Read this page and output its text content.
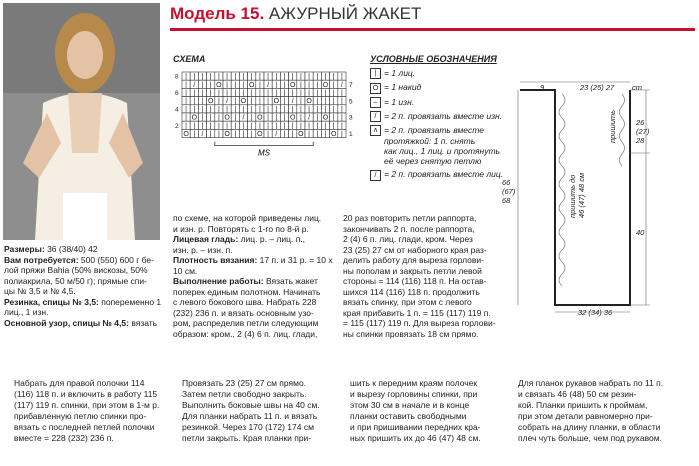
Модель 15. АЖУРНЫЙ ЖАКЕТ
СХЕМА
| | | | | | | | | | | | | | | | | | | |
| / | | O | | | O | / | | O | | | O | /
| | | | | | | | | | | | | | | | | | | |
| | | O | / | O | | | O | / | O | | | |
| | | | | | | | | | | | | | | | | | | |
| O | | | O | / | O | | | O | / | O | |
| | | | | | | | | | | | | | | | | | | |
O | / | | O | | | O | / | | O | | | O |
8
7
6
5
4
3
2
1
MS
УСЛОВНЫЕ ОБОЗНАЧЕНИЯ
| = 1 лиц.
O = 1 накид
– = 1 изн.
/ = 2 п. провязать вместе изн.
∧ = 2 п. провязать вместе
протяжкой: 1 п. снять
как лиц., 1 лиц. и протянуть
её через снятую петлю
/ = 2 п. провязать вместе лиц.
23 (25) 27 cm
9
26
(27)
28
40
66
(67)
68
32 (34) 36
пришить до 46 (47) 48 см
пришить
Размеры: 36 (38/40) 42
Вам потребуется: 500 (550) 600 г бе-
лой пряжи Bahia (50% вискозы, 50%
полиакрила, 50 м/50 г); прямые спи-
цы № 3,5 и № 4,5.
Резинка, спицы № 3,5: попеременно 1
лиц., 1 изн.
Основной узор, спицы № 4,5: вязать
по схеме, на которой приведены лиц.
и изн. р. Повторять с 1-го по 8-й р.
Лицевая гладь: лиц. р. – лиц. п.,
изн. р. – изн. п.
Плотность вязания: 17 п. и 31 р. = 10 х
10 см.
Выполнение работы: Вязать жакет
поперек единым полотном. Начинать
с левого бокового шва. Набрать 228
(232) 236 п. и вязать основным узо-
ром, распределив петли следующим
образом: кром., 2 (4) 6 п. лиц. глади,
20 раз повторить петли раппорта,
закончивать 2 п. после раппорта,
2 (4) 6 п. лиц. глади, кром. Через
23 (25) 27 см от наборного края раз-
делить работу для выреза горлови-
ны пополам и закрыть петли левой
стороны = 114 (116) 118 п. На остав-
шихся 114 (116) 118 п. продолжить
вязать спинку, при этом с левого
края прибавить 1 п. = 115 (117) 119 п.
= 115 (117) 119 п. Для выреза горлови-
ны спинки провязать 18 см прямо.
Набрать для правой полочки 114
(116) 118 п. и включить в работу 115
(117) 119 п. спинки, при этом в 1-м р.
прибавленную петлю спинки про-
вязать с последней петлей полочки
вместе = 228 (232) 236 п.
Провязать 23 (25) 27 см прямо.
Затем петли свободно закрыть.
Выполнить боковые швы на 40 см.
Для планки набрать 11 п. и вязать
резинкой. Через 170 (172) 174 см
петли закрыть. Края планки при-
шить к передним краям полочек
и вырезу горловины спинки, при
этом 30 см в начале и в конце
планки оставить свободными
и при пришивании передних кра-
ных пришить их до 46 (47) 48 см.
Для планок рукавов набрать по 11 п.
и связать 46 (48) 50 см резин-
кой. Планки пришить к проймам,
при этом детали равномерно при-
собрать на длину планки, в области
плеч чуть больше, чем под рукавом.
